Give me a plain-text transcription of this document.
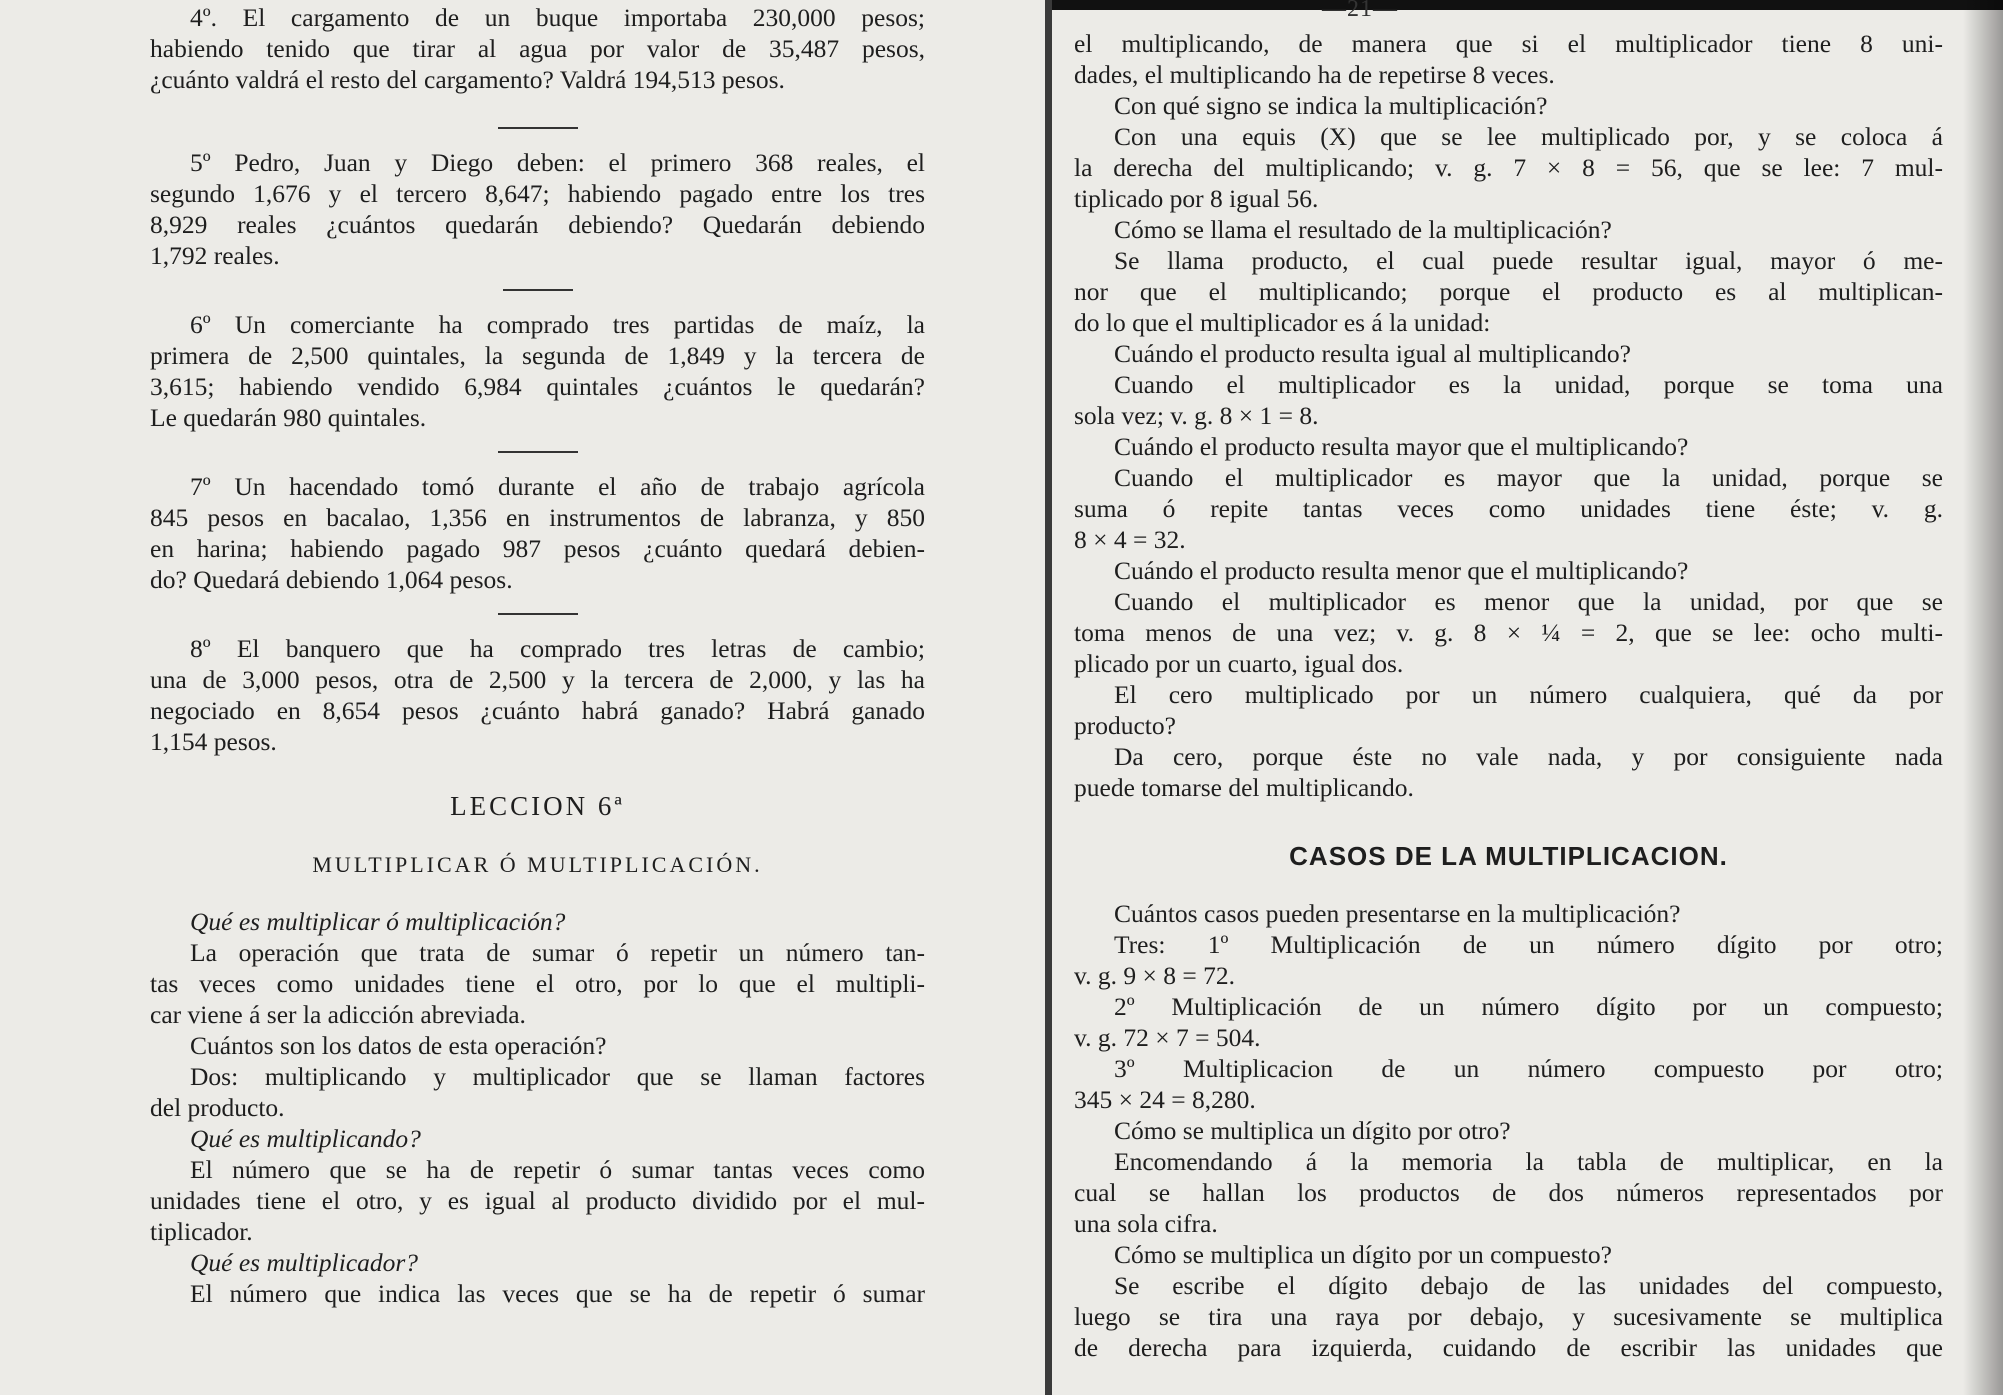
4º. El cargamento de un buque importaba 230,000 pesos;
habiendo tenido que tirar al agua por valor de 35,487 pesos,
¿cuánto valdrá el resto del cargamento? Valdrá 194,513 pesos.
5º Pedro, Juan y Diego deben: el primero 368 reales, el
segundo 1,676 y el tercero 8,647; habiendo pagado entre los tres
8,929 reales ¿cuántos quedarán debiendo? Quedarán debiendo
1,792 reales.
6º Un comerciante ha comprado tres partidas de maíz, la
primera de 2,500 quintales, la segunda de 1,849 y la tercera de
3,615; habiendo vendido 6,984 quintales ¿cuántos le quedarán?
Le quedarán 980 quintales.
7º Un hacendado tomó durante el año de trabajo agrícola
845 pesos en bacalao, 1,356 en instrumentos de labranza, y 850
en harina; habiendo pagado 987 pesos ¿cuánto quedará debien-
do? Quedará debiendo 1,064 pesos.
8º El banquero que ha comprado tres letras de cambio;
una de 3,000 pesos, otra de 2,500 y la tercera de 2,000, y las ha
negociado en 8,654 pesos ¿cuánto habrá ganado? Habrá ganado
1,154 pesos.
LECCION 6ª
MULTIPLICAR Ó MULTIPLICACIÓN.
Qué es multiplicar ó multiplicación?
La operación que trata de sumar ó repetir un número tan-
tas veces como unidades tiene el otro, por lo que el multipli-
car viene á ser la adicción abreviada.
Cuántos son los datos de esta operación?
Dos: multiplicando y multiplicador que se llaman factores
del producto.
Qué es multiplicando?
El número que se ha de repetir ó sumar tantas veces como
unidades tiene el otro, y es igual al producto dividido por el mul-
tiplicador.
Qué es multiplicador?
El número que indica las veces que se ha de repetir ó sumar
—21—
el multiplicando, de manera que si el multiplicador tiene 8 uni-
dades, el multiplicando ha de repetirse 8 veces.
Con qué signo se indica la multiplicación?
Con una equis (X) que se lee multiplicado por, y se coloca á
la derecha del multiplicando; v. g. 7 × 8 = 56, que se lee: 7 mul-
tiplicado por 8 igual 56.
Cómo se llama el resultado de la multiplicación?
Se llama producto, el cual puede resultar igual, mayor ó me-
nor que el multiplicando; porque el producto es al multiplican-
do lo que el multiplicador es á la unidad:
Cuándo el producto resulta igual al multiplicando?
Cuando el multiplicador es la unidad, porque se toma una
sola vez; v. g. 8 × 1 = 8.
Cuándo el producto resulta mayor que el multiplicando?
Cuando el multiplicador es mayor que la unidad, porque se
suma ó repite tantas veces como unidades tiene éste; v. g.
8 × 4 = 32.
Cuándo el producto resulta menor que el multiplicando?
Cuando el multiplicador es menor que la unidad, por que se
toma menos de una vez; v. g. 8 × ¼ = 2, que se lee: ocho multi-
plicado por un cuarto, igual dos.
El cero multiplicado por un número cualquiera, qué da por
producto?
Da cero, porque éste no vale nada, y por consiguiente nada
puede tomarse del multiplicando.
CASOS DE LA MULTIPLICACION.
Cuántos casos pueden presentarse en la multiplicación?
Tres: 1º Multiplicación de un número dígito por otro;
v. g. 9 × 8 = 72.
2º Multiplicación de un número dígito por un compuesto;
v. g. 72 × 7 = 504.
3º Multiplicacion de un número compuesto por otro;
345 × 24 = 8,280.
Cómo se multiplica un dígito por otro?
Encomendando á la memoria la tabla de multiplicar, en la
cual se hallan los productos de dos números representados por
una sola cifra.
Cómo se multiplica un dígito por un compuesto?
Se escribe el dígito debajo de las unidades del compuesto,
luego se tira una raya por debajo, y sucesivamente se multiplica
de derecha para izquierda, cuidando de escribir las unidades que
